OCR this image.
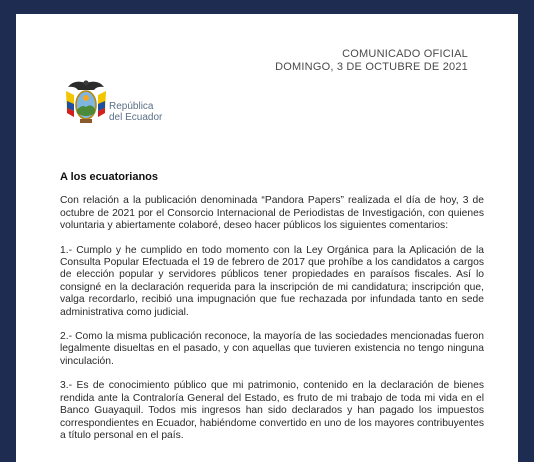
COMUNICADO OFICIAL
DOMINGO, 3 DE OCTUBRE DE 2021
República
del Ecuador

A los ecuatorianos

Con relación a la publicación denominada “Pandora Papers” realizada el día de hoy, 3 de octubre de 2021 por el Consorcio Internacional de Periodistas de Investigación, con quienes voluntaria y abiertamente colaboré, deseo hacer públicos los siguientes comentarios:

1.- Cumplo y he cumplido en todo momento con la Ley Orgánica para la Aplicación de la Consulta Popular Efectuada el 19 de febrero de 2017 que prohíbe a los candidatos a cargos de elección popular y servidores públicos tener propiedades en paraísos fiscales. Así lo consigné en la declaración requerida para la inscripción de mi candidatura; inscripción que, valga recordarlo, recibió una impugnación que fue rechazada por infundada tanto en sede administrativa como judicial.

2.- Como la misma publicación reconoce, la mayoría de las sociedades mencionadas fueron legalmente disueltas en el pasado, y con aquellas que tuvieren existencia no tengo ninguna vinculación.

3.- Es de conocimiento público que mi patrimonio, contenido en la declaración de bienes rendida ante la Contraloría General del Estado, es fruto de mi trabajo de toda mi vida en el Banco Guayaquil. Todos mis ingresos han sido declarados y han pagado los impuestos correspondientes en Ecuador, habiéndome convertido en uno de los mayores contribuyentes a título personal en el país.
